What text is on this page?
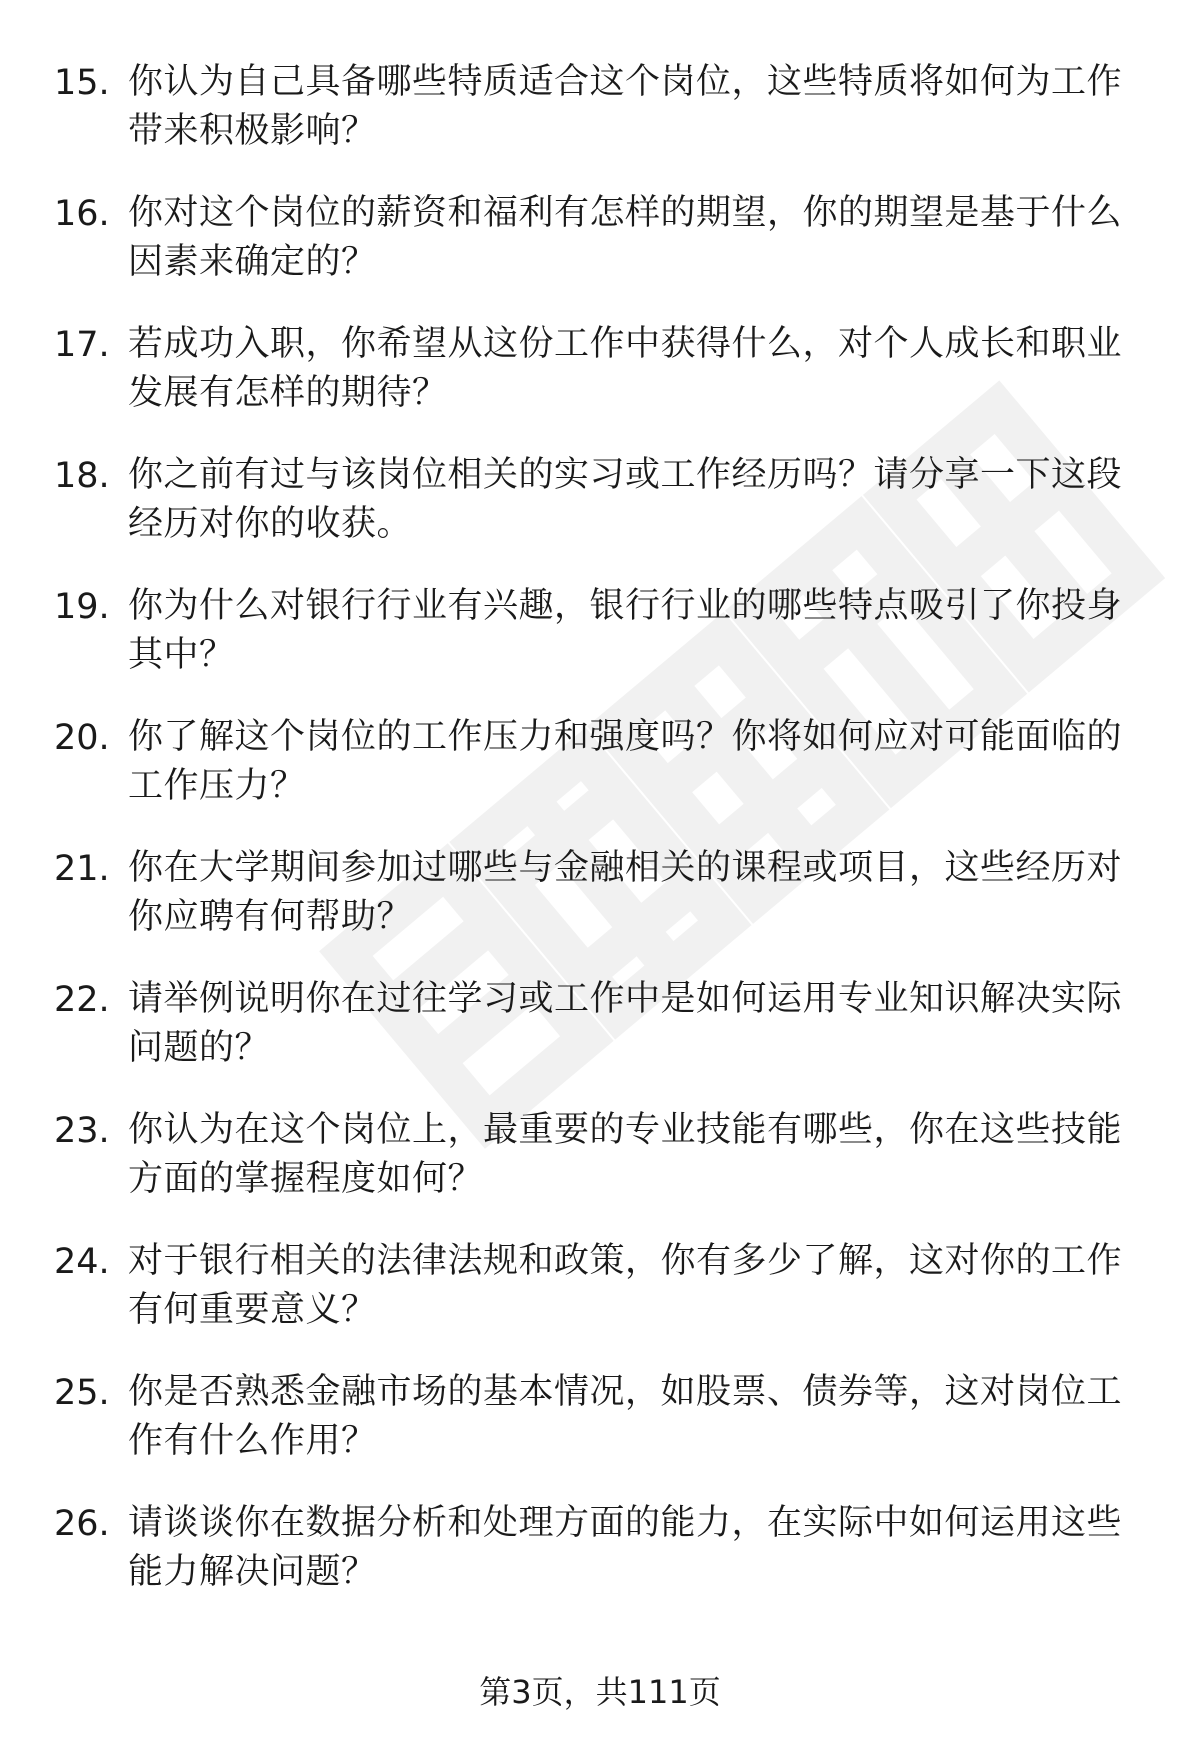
15. 你认为自己具备哪些特质适合这个岗位，这些特质将如何为工作带来积极影响？
16. 你对这个岗位的薪资和福利有怎样的期望，你的期望是基于什么因素来确定的？
17. 若成功入职，你希望从这份工作中获得什么，对个人成长和职业发展有怎样的期待？
18. 你之前有过与该岗位相关的实习或工作经历吗？请分享一下这段经历对你的收获。
19. 你为什么对银行行业有兴趣，银行行业的哪些特点吸引了你投身其中？
20. 你了解这个岗位的工作压力和强度吗？你将如何应对可能面临的工作压力？
21. 你在大学期间参加过哪些与金融相关的课程或项目，这些经历对你应聘有何帮助？
22. 请举例说明你在过往学习或工作中是如何运用专业知识解决实际问题的？
23. 你认为在这个岗位上，最重要的专业技能有哪些，你在这些技能方面的掌握程度如何？
24. 对于银行相关的法律法规和政策，你有多少了解，这对你的工作有何重要意义？
25. 你是否熟悉金融市场的基本情况，如股票、债券等，这对岗位工作有什么作用？
26. 请谈谈你在数据分析和处理方面的能力，在实际中如何运用这些能力解决问题？
第3页，共111页
